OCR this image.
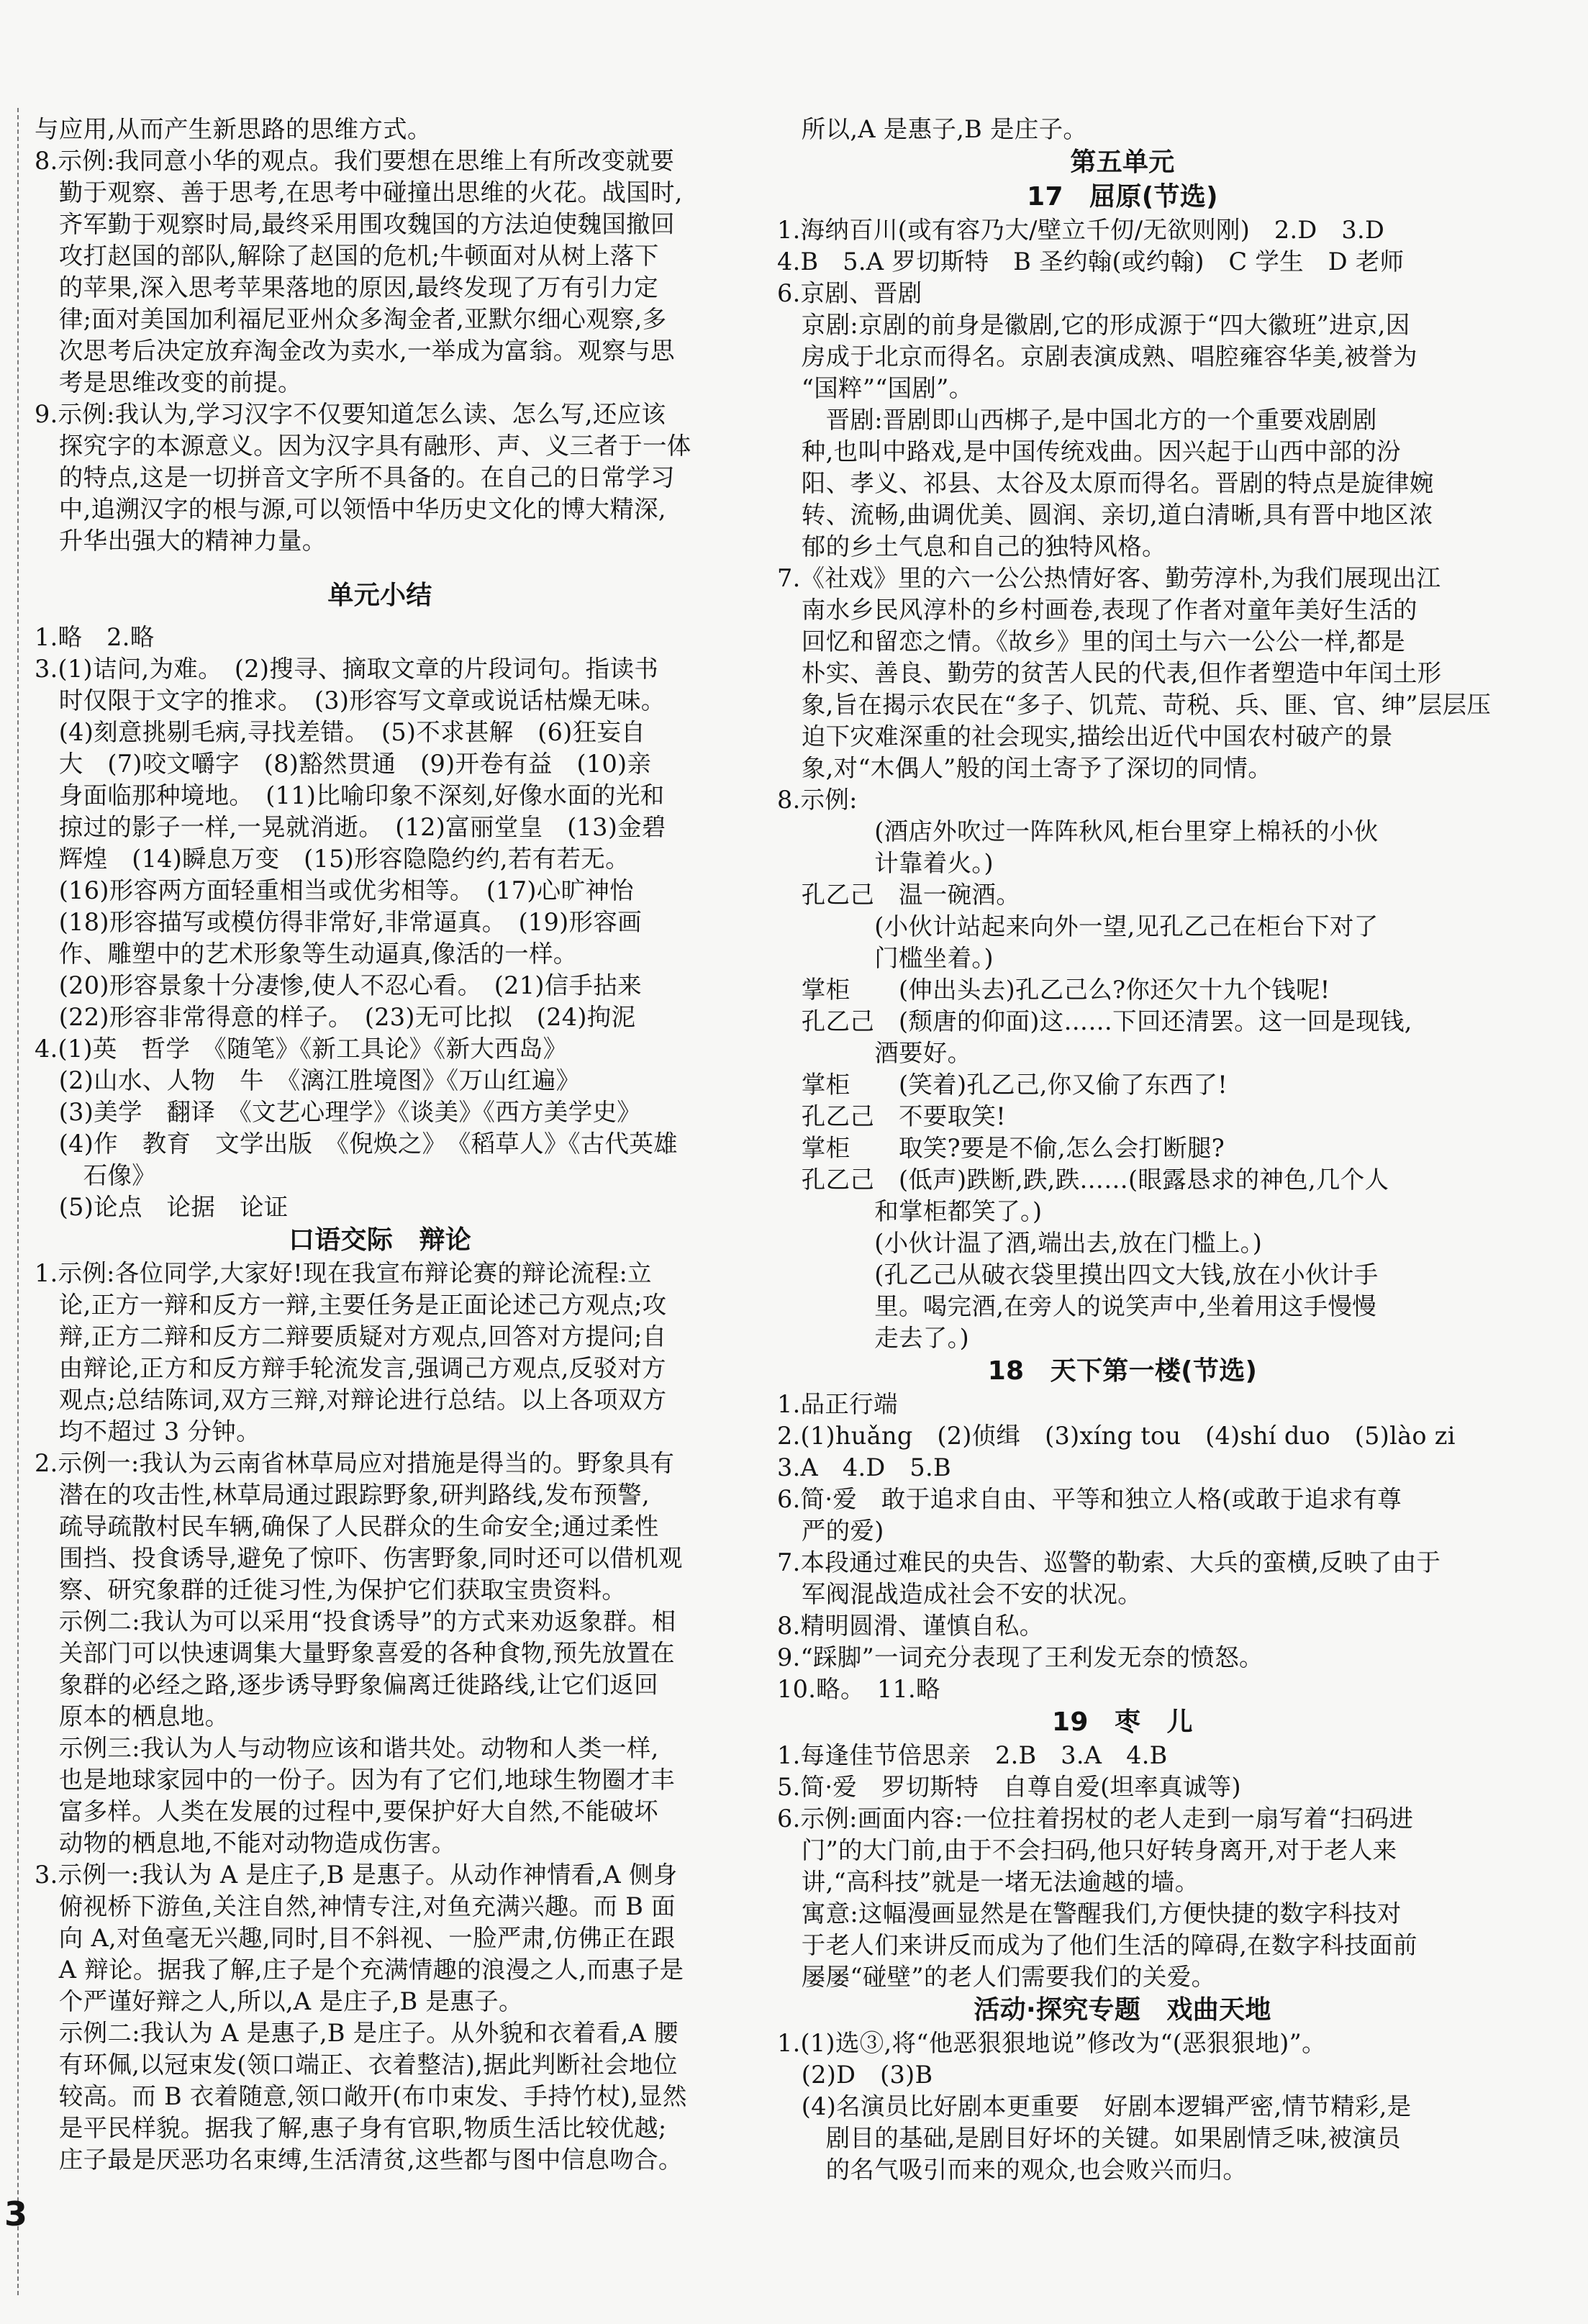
与应用,从而产生新思路的思维方式。

8.示例:我同意小华的观点。我们要想在思维上有所改变就要

　勤于观察、善于思考,在思考中碰撞出思维的火花。战国时,

　齐军勤于观察时局,最终采用围攻魏国的方法迫使魏国撤回

　攻打赵国的部队,解除了赵国的危机;牛顿面对从树上落下

　的苹果,深入思考苹果落地的原因,最终发现了万有引力定

　律;面对美国加利福尼亚州众多淘金者,亚默尔细心观察,多

　次思考后决定放弃淘金改为卖水,一举成为富翁。观察与思

　考是思维改变的前提。

9.示例:我认为,学习汉字不仅要知道怎么读、怎么写,还应该

　探究字的本源意义。因为汉字具有融形、声、义三者于一体

　的特点,这是一切拼音文字所不具备的。在自己的日常学习

　中,追溯汉字的根与源,可以领悟中华历史文化的博大精深,

　升华出强大的精神力量。

单元小结

1.略　2.略

3.(1)诘问,为难。　(2)搜寻、摘取文章的片段词句。指读书

　时仅限于文字的推求。　(3)形容写文章或说话枯燥无味。

　(4)刻意挑剔毛病,寻找差错。　(5)不求甚解　(6)狂妄自

　大　(7)咬文嚼字　(8)豁然贯通　(9)开卷有益　(10)亲

　身面临那种境地。　(11)比喻印象不深刻,好像水面的光和

　掠过的影子一样,一晃就消逝。　(12)富丽堂皇　(13)金碧

　辉煌　(14)瞬息万变　(15)形容隐隐约约,若有若无。

　(16)形容两方面轻重相当或优劣相等。　(17)心旷神怡

　(18)形容描写或模仿得非常好,非常逼真。　(19)形容画

　作、雕塑中的艺术形象等生动逼真,像活的一样。

　(20)形容景象十分凄惨,使人不忍心看。　(21)信手拈来

　(22)形容非常得意的样子。　(23)无可比拟　(24)拘泥

4.(1)英　哲学　《随笔》《新工具论》《新大西岛》

　(2)山水、人物　牛　《漓江胜境图》《万山红遍》

　(3)美学　翻译　《文艺心理学》《谈美》《西方美学史》

　(4)作　教育　文学出版　《倪焕之》　《稻草人》《古代英雄

　　石像》

　(5)论点　论据　论证

口语交际　辩论

1.示例:各位同学,大家好!现在我宣布辩论赛的辩论流程:立

　论,正方一辩和反方一辩,主要任务是正面论述己方观点;攻

　辩,正方二辩和反方二辩要质疑对方观点,回答对方提问;自

　由辩论,正方和反方辩手轮流发言,强调己方观点,反驳对方

　观点;总结陈词,双方三辩,对辩论进行总结。以上各项双方

　均不超过 3 分钟。

2.示例一:我认为云南省林草局应对措施是得当的。野象具有

　潜在的攻击性,林草局通过跟踪野象,研判路线,发布预警,

　疏导疏散村民车辆,确保了人民群众的生命安全;通过柔性

　围挡、投食诱导,避免了惊吓、伤害野象,同时还可以借机观

　察、研究象群的迁徙习性,为保护它们获取宝贵资料。

　示例二:我认为可以采用“投食诱导”的方式来劝返象群。相

　关部门可以快速调集大量野象喜爱的各种食物,预先放置在

　象群的必经之路,逐步诱导野象偏离迁徙路线,让它们返回

　原本的栖息地。

　示例三:我认为人与动物应该和谐共处。动物和人类一样,

　也是地球家园中的一份子。因为有了它们,地球生物圈才丰

　富多样。人类在发展的过程中,要保护好大自然,不能破坏

　动物的栖息地,不能对动物造成伤害。

3.示例一:我认为 A 是庄子,B 是惠子。从动作神情看,A 侧身

　俯视桥下游鱼,关注自然,神情专注,对鱼充满兴趣。而 B 面

　向 A,对鱼毫无兴趣,同时,目不斜视、一脸严肃,仿佛正在跟

　A 辩论。据我了解,庄子是个充满情趣的浪漫之人,而惠子是

　个严谨好辩之人,所以,A 是庄子,B 是惠子。

　示例二:我认为 A 是惠子,B 是庄子。从外貌和衣着看,A 腰

　有环佩,以冠束发(领口端正、衣着整洁),据此判断社会地位

　较高。而 B 衣着随意,领口敞开(布巾束发、手持竹杖),显然

　是平民样貌。据我了解,惠子身有官职,物质生活比较优越;

　庄子最是厌恶功名束缚,生活清贫,这些都与图中信息吻合。

　所以,A 是惠子,B 是庄子。

第五单元
17　屈原(节选)

1.海纳百川(或有容乃大/壁立千仞/无欲则刚)　2.D　3.D

4.B　5.A 罗切斯特　B 圣约翰(或约翰)　C 学生　D 老师

6.京剧、晋剧

　京剧:京剧的前身是徽剧,它的形成源于“四大徽班”进京,因

　房成于北京而得名。京剧表演成熟、唱腔雍容华美,被誉为

　“国粹”“国剧”。

　　晋剧:晋剧即山西梆子,是中国北方的一个重要戏剧剧

　种,也叫中路戏,是中国传统戏曲。因兴起于山西中部的汾

　阳、孝义、祁县、太谷及太原而得名。晋剧的特点是旋律婉

　转、流畅,曲调优美、圆润、亲切,道白清晰,具有晋中地区浓

　郁的乡土气息和自己的独特风格。

7.《社戏》里的六一公公热情好客、勤劳淳朴,为我们展现出江

　南水乡民风淳朴的乡村画卷,表现了作者对童年美好生活的

　回忆和留恋之情。《故乡》里的闰土与六一公公一样,都是

　朴实、善良、勤劳的贫苦人民的代表,但作者塑造中年闰土形

　象,旨在揭示农民在“多子、饥荒、苛税、兵、匪、官、绅”层层压

　迫下灾难深重的社会现实,描绘出近代中国农村破产的景

　象,对“木偶人”般的闰土寄予了深切的同情。

8.示例:

　　　　(酒店外吹过一阵阵秋风,柜台里穿上棉袄的小伙

　　　　计靠着火。)

　孔乙己　温一碗酒。

　　　　(小伙计站起来向外一望,见孔乙己在柜台下对了

　　　　门槛坐着。)

　掌柜　　(伸出头去)孔乙己么?你还欠十九个钱呢!

　孔乙己　(颓唐的仰面)这……下回还清罢。这一回是现钱,

　　　　酒要好。

　掌柜　　(笑着)孔乙己,你又偷了东西了!

　孔乙己　不要取笑!

　掌柜　　取笑?要是不偷,怎么会打断腿?

　孔乙己　(低声)跌断,跌,跌……(眼露恳求的神色,几个人

　　　　和掌柜都笑了。)

　　　　(小伙计温了酒,端出去,放在门槛上。)

　　　　(孔乙己从破衣袋里摸出四文大钱,放在小伙计手

　　　　里。喝完酒,在旁人的说笑声中,坐着用这手慢慢

　　　　走去了。)

18　天下第一楼(节选)

1.品正行端

2.(1)huǎng　(2)侦缉　(3)xíng tou　(4)shí duo　(5)lào zi

3.A　4.D　5.B

6.简·爱　敢于追求自由、平等和独立人格(或敢于追求有尊

　严的爱)

7.本段通过难民的央告、巡警的勒索、大兵的蛮横,反映了由于

　军阀混战造成社会不安的状况。

8.精明圆滑、谨慎自私。

9.“踩脚”一词充分表现了王利发无奈的愤怒。

10.略。　11.略

19　枣　儿

1.每逢佳节倍思亲　2.B　3.A　4.B

5.简·爱　罗切斯特　自尊自爱(坦率真诚等)

6.示例:画面内容:一位拄着拐杖的老人走到一扇写着“扫码进

　门”的大门前,由于不会扫码,他只好转身离开,对于老人来

　讲,“高科技”就是一堵无法逾越的墙。

　寓意:这幅漫画显然是在警醒我们,方便快捷的数字科技对

　于老人们来讲反而成为了他们生活的障碍,在数字科技面前

　屡屡“碰壁”的老人们需要我们的关爱。

活动·探究专题　戏曲天地

1.(1)选③,将“他恶狠狠地说”修改为“(恶狠狠地)”。

　(2)D　(3)B

　(4)名演员比好剧本更重要　好剧本逻辑严密,情节精彩,是

　　剧目的基础,是剧目好坏的关键。如果剧情乏味,被演员

　　的名气吸引而来的观众,也会败兴而归。

3
